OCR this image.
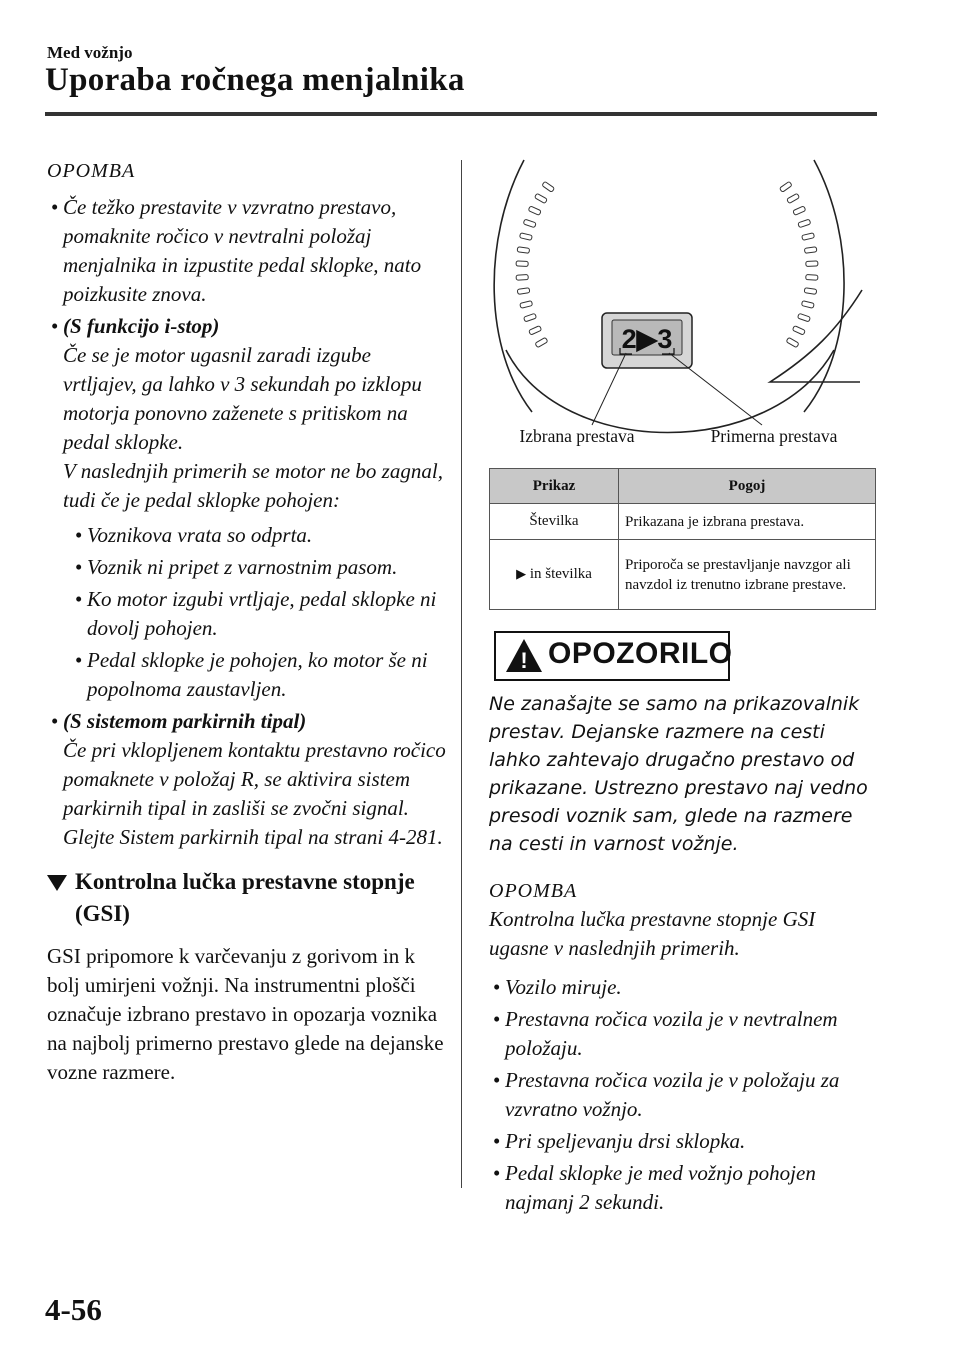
Med vožnjo
Uporaba ročnega menjalnika
OPOMBA
• Če težko prestavite v vzvratno prestavo, pomaknite ročico v nevtralni položaj menjalnika in izpustite pedal sklopke, nato poizkusite znova.
• (S funkcijo i-stop)
Če se je motor ugasnil zaradi izgube vrtljajev, ga lahko v 3 sekundah po izklopu motorja ponovno zaženete s pritiskom na pedal sklopke.
V naslednjih primerih se motor ne bo zagnal, tudi če je pedal sklopke pohojen:
• Voznikova vrata so odprta.
• Voznik ni pripet z varnostnim pasom.
• Ko motor izgubi vrtljaje, pedal sklopke ni dovolj pohojen.
• Pedal sklopke je pohojen, ko motor še ni popolnoma zaustavljen.
• (S sistemom parkirnih tipal)
Če pri vklopljenem kontaktu prestavno ročico pomaknete v položaj R, se aktivira sistem parkirnih tipal in zasliši se zvočni signal.
Glejte Sistem parkirnih tipal na strani 4-281.
Kontrolna lučka prestavne stopnje (GSI)
GSI pripomore k varčevanju z gorivom in k bolj umirjeni vožnji. Na instrumentni plošči označuje izbrano prestavo in opozarja voznika na najbolj primerno prestavo glede na dejanske vozne razmere.
2▶3
Izbrana prestava	Primerna prestava
Prikaz	Pogoj
Številka	Prikazana je izbrana prestava.
▶ in številka	Priporoča se prestavljanje navzgor ali navzdol iz trenutno izbrane prestave.
! OPOZORILO
Ne zanašajte se samo na prikazovalnik prestav. Dejanske razmere na cesti lahko zahtevajo drugačno prestavo od prikazane. Ustrezno prestavo naj vedno presodi voznik sam, glede na razmere na cesti in varnost vožnje.
OPOMBA
Kontrolna lučka prestavne stopnje GSI ugasne v naslednjih primerih.
• Vozilo miruje.
• Prestavna ročica vozila je v nevtralnem položaju.
• Prestavna ročica vozila je v položaju za vzvratno vožnjo.
• Pri speljevanju drsi sklopka.
• Pedal sklopke je med vožnjo pohojen najmanj 2 sekundi.
4-56
